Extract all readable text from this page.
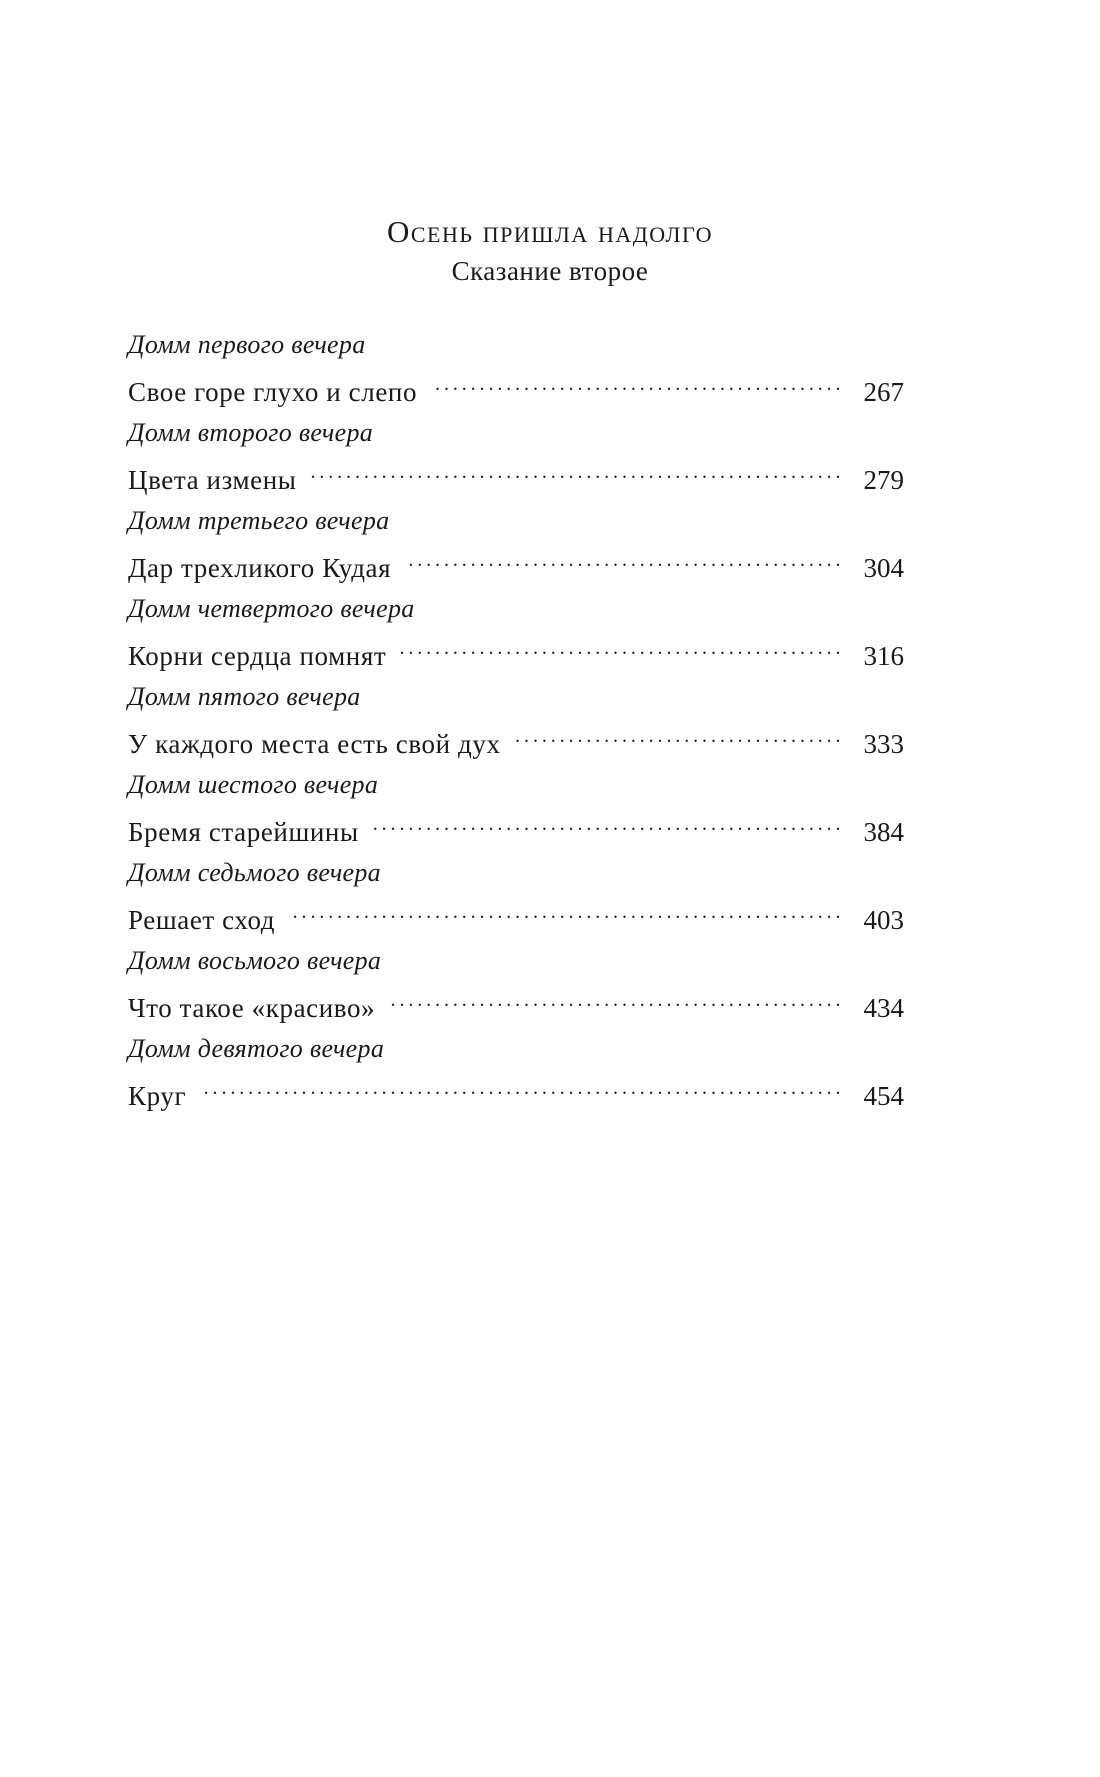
Осень пришла надолго

Сказание второе

Домм первого вечера
Свое горе глухо и слепо . . .	267
Домм второго вечера
Цвета измены . . .	279
Домм третьего вечера
Дар трехликого Кудая . . .	304
Домм четвертого вечера
Корни сердца помнят . . .	316
Домм пятого вечера
У каждого места есть свой дух . . .	333
Домм шестого вечера
Бремя старейшины . . .	384
Домм седьмого вечера
Решает сход . . .	403
Домм восьмого вечера
Что такое «красиво» . . .	434
Домм девятого вечера
Круг . . .	454
